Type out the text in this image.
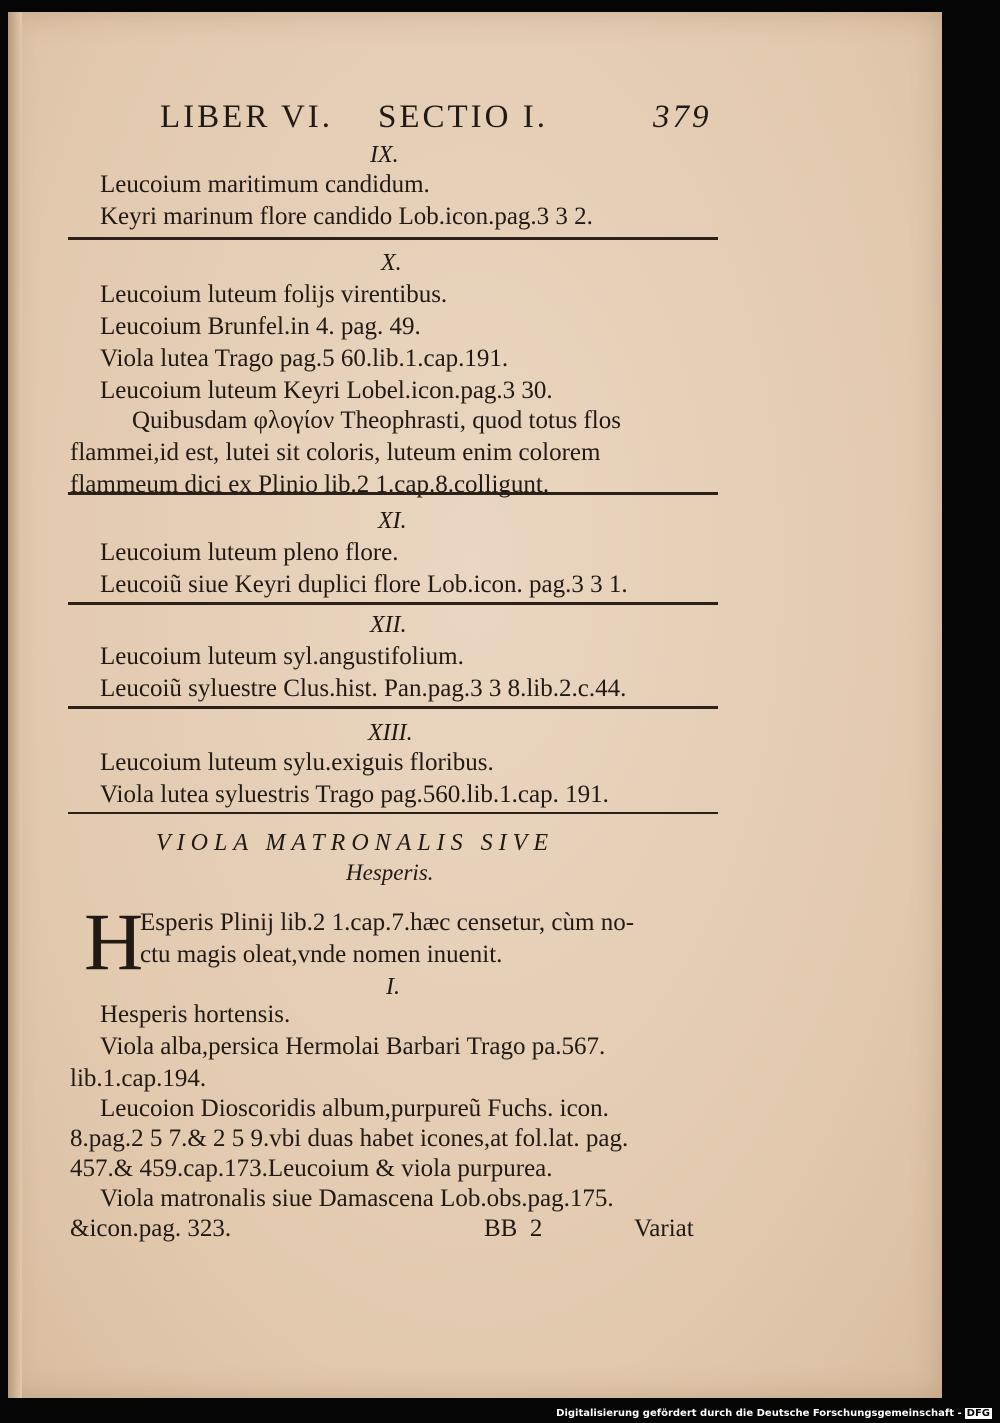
LIBER VI. SECTIO I.	379
IX.
Leucoium maritimum candidum.
Keyri marinum flore candido Lob.icon.pag.3 3 2.
X.
Leucoium luteum folijs virentibus.
Leucoium Brunfel.in 4. pag. 49.
Viola lutea Trago pag.5 60.lib.1.cap.191.
Leucoium luteum Keyri Lobel.icon.pag.3 30.
Quibusdam φλογίον Theophrasti, quod totus flos
flammei,id est, lutei sit coloris, luteum enim colorem
flammeum dici ex Plinio lib.2 1.cap.8.colligunt.
XI.
Leucoium luteum pleno flore.
Leucoiũ siue Keyri duplici flore Lob.icon. pag.3 3 1.
XII.
Leucoium luteum syl.angustifolium.
Leucoiũ syluestre Clus.hist. Pan.pag.3 3 8.lib.2.c.44.
XIII.
Leucoium luteum sylu.exiguis floribus.
Viola lutea syluestris Trago pag.560.lib.1.cap. 191.
VIOLA MATRONALIS SIVE
Hesperis.
H
Esperis Plinij lib.2 1.cap.7.hæc censetur, cùm no-
ctu magis oleat,vnde nomen inuenit.
I.
Hesperis hortensis.
Viola alba,persica Hermolai Barbari Trago pa.567.
lib.1.cap.194.
Leucoion Dioscoridis album,purpureũ Fuchs. icon.
8.pag.2 5 7.& 2 5 9.vbi duas habet icones,at fol.lat. pag.
457.& 459.cap.173.Leucoium & viola purpurea.
Viola matronalis siue Damascena Lob.obs.pag.175.
&icon.pag. 323.	BB  2	Variat
Digitalisierung gefördert durch die Deutsche Forschungsgemeinschaft - DFG
